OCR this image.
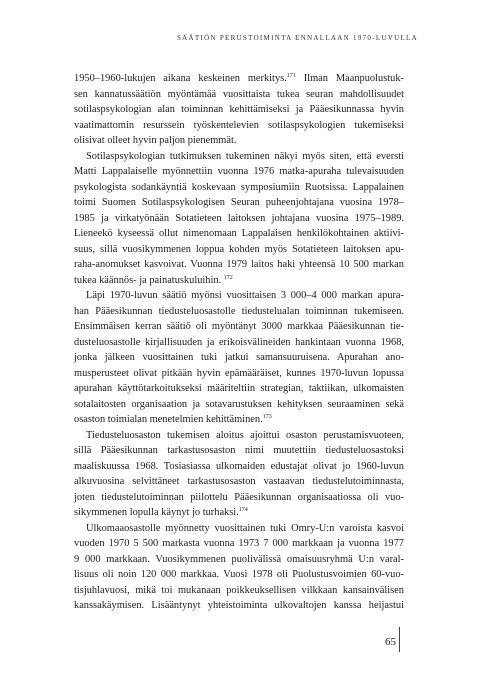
SÄÄTIÖN PERUSTOIMINTA ENNALLAAN 1970-LUVULLA
1950–1960-lukujen aikana keskeinen merkitys.$^{171}$ Ilman Maanpuolustuk-
sen kannatussäätiön myöntämää vuosittaista tukea seuran mahdollisuudet
sotilaspsykologian alan toiminnan kehittämiseksi ja Pääesikunnassa hyvin
vaatimattomin resurssein työskentelevien sotilaspsykologien tukemiseksi
olisivat olleet hyvin paljon pienemmät.
Sotilaspsykologian tutkimuksen tukeminen näkyi myös siten, että eversti
Matti Lappalaiselle myönnettiin vuonna 1976 matka-apuraha tulevaisuuden
psykologista sodankäyntiä koskevaan symposiumiin Ruotsissa. Lappalainen
toimi Suomen Sotilaspsykologisen Seuran puheenjohtajana vuosina 1978–
1985 ja virkatyönään Sotatieteen laitoksen johtajana vuosina 1975–1989.
Lieneekö kyseessä ollut nimenomaan Lappalaisen henkilökohtainen aktiivi-
suus, sillä vuosikymmenen loppua kohden myös Sotatieteen laitoksen apu-
raha-anomukset kasvoivat. Vuonna 1979 laitos haki yhteensä 10 500 markan
tukea käännös- ja painatuskuluihin. $^{172}$
Läpi 1970-luvun säätiö myönsi vuosittaisen 3 000–4 000 markan apura-
han Pääesikunnan tiedusteluosastolle tiedustelualan toiminnan tukemiseen.
Ensimmäisen kerran säätiö oli myöntänyt 3000 markkaa Pääesikunnan tie-
dusteluosastolle kirjallisuuden ja erikoisvälineiden hankintaan vuonna 1968,
jonka jälkeen vuosittainen tuki jatkui samansuuruisena. Apurahan ano-
musperusteet olivat pitkään hyvin epämääräiset, kunnes 1970-luvun lopussa
apurahan käyttötarkoitukseksi määriteltiin strategian, taktiikan, ulkomaisten
sotalaitosten organisaation ja sotavarustuksen kehityksen seuraaminen sekä
osaston toimialan menetelmien kehittäminen.$^{173}$
Tiedusteluosaston tukemisen aloitus ajoittui osaston perustamisvuoteen,
sillä Pääesikunnan tarkastusosaston nimi muutettiin tiedusteluosastoksi
maaliskuussa 1968. Tosiasiassa ulkomaiden edustajat olivat jo 1960-luvun
alkuvuosina selvittäneet tarkastusosaston vastaavan tiedustelutoiminnasta,
joten tiedustelutoiminnan piilottelu Pääesikunnan organisaatiossa oli vuo-
sikymmenen lopulla käynyt jo turhaksi.$^{174}$
Ulkomaaosastolle myönnetty vuosittainen tuki Omry-U:n varoista kasvoi
vuoden 1970 5 500 markasta vuonna 1973 7 000 markkaan ja vuonna 1977
9 000 markkaan. Vuosikymmenen puolivälissä omaisuusryhmä U:n varal-
lisuus oli noin 120 000 markkaa. Vuosi 1978 oli Puolustusvoimien 60-vuo-
tisjuhlavuosi, mikä toi mukanaan poikkeuksellisen vilkkaan kansainvälisen
kanssakäymisen. Lisääntynyt yhteistoiminta ulkovaltojen kanssa heijastui
65
